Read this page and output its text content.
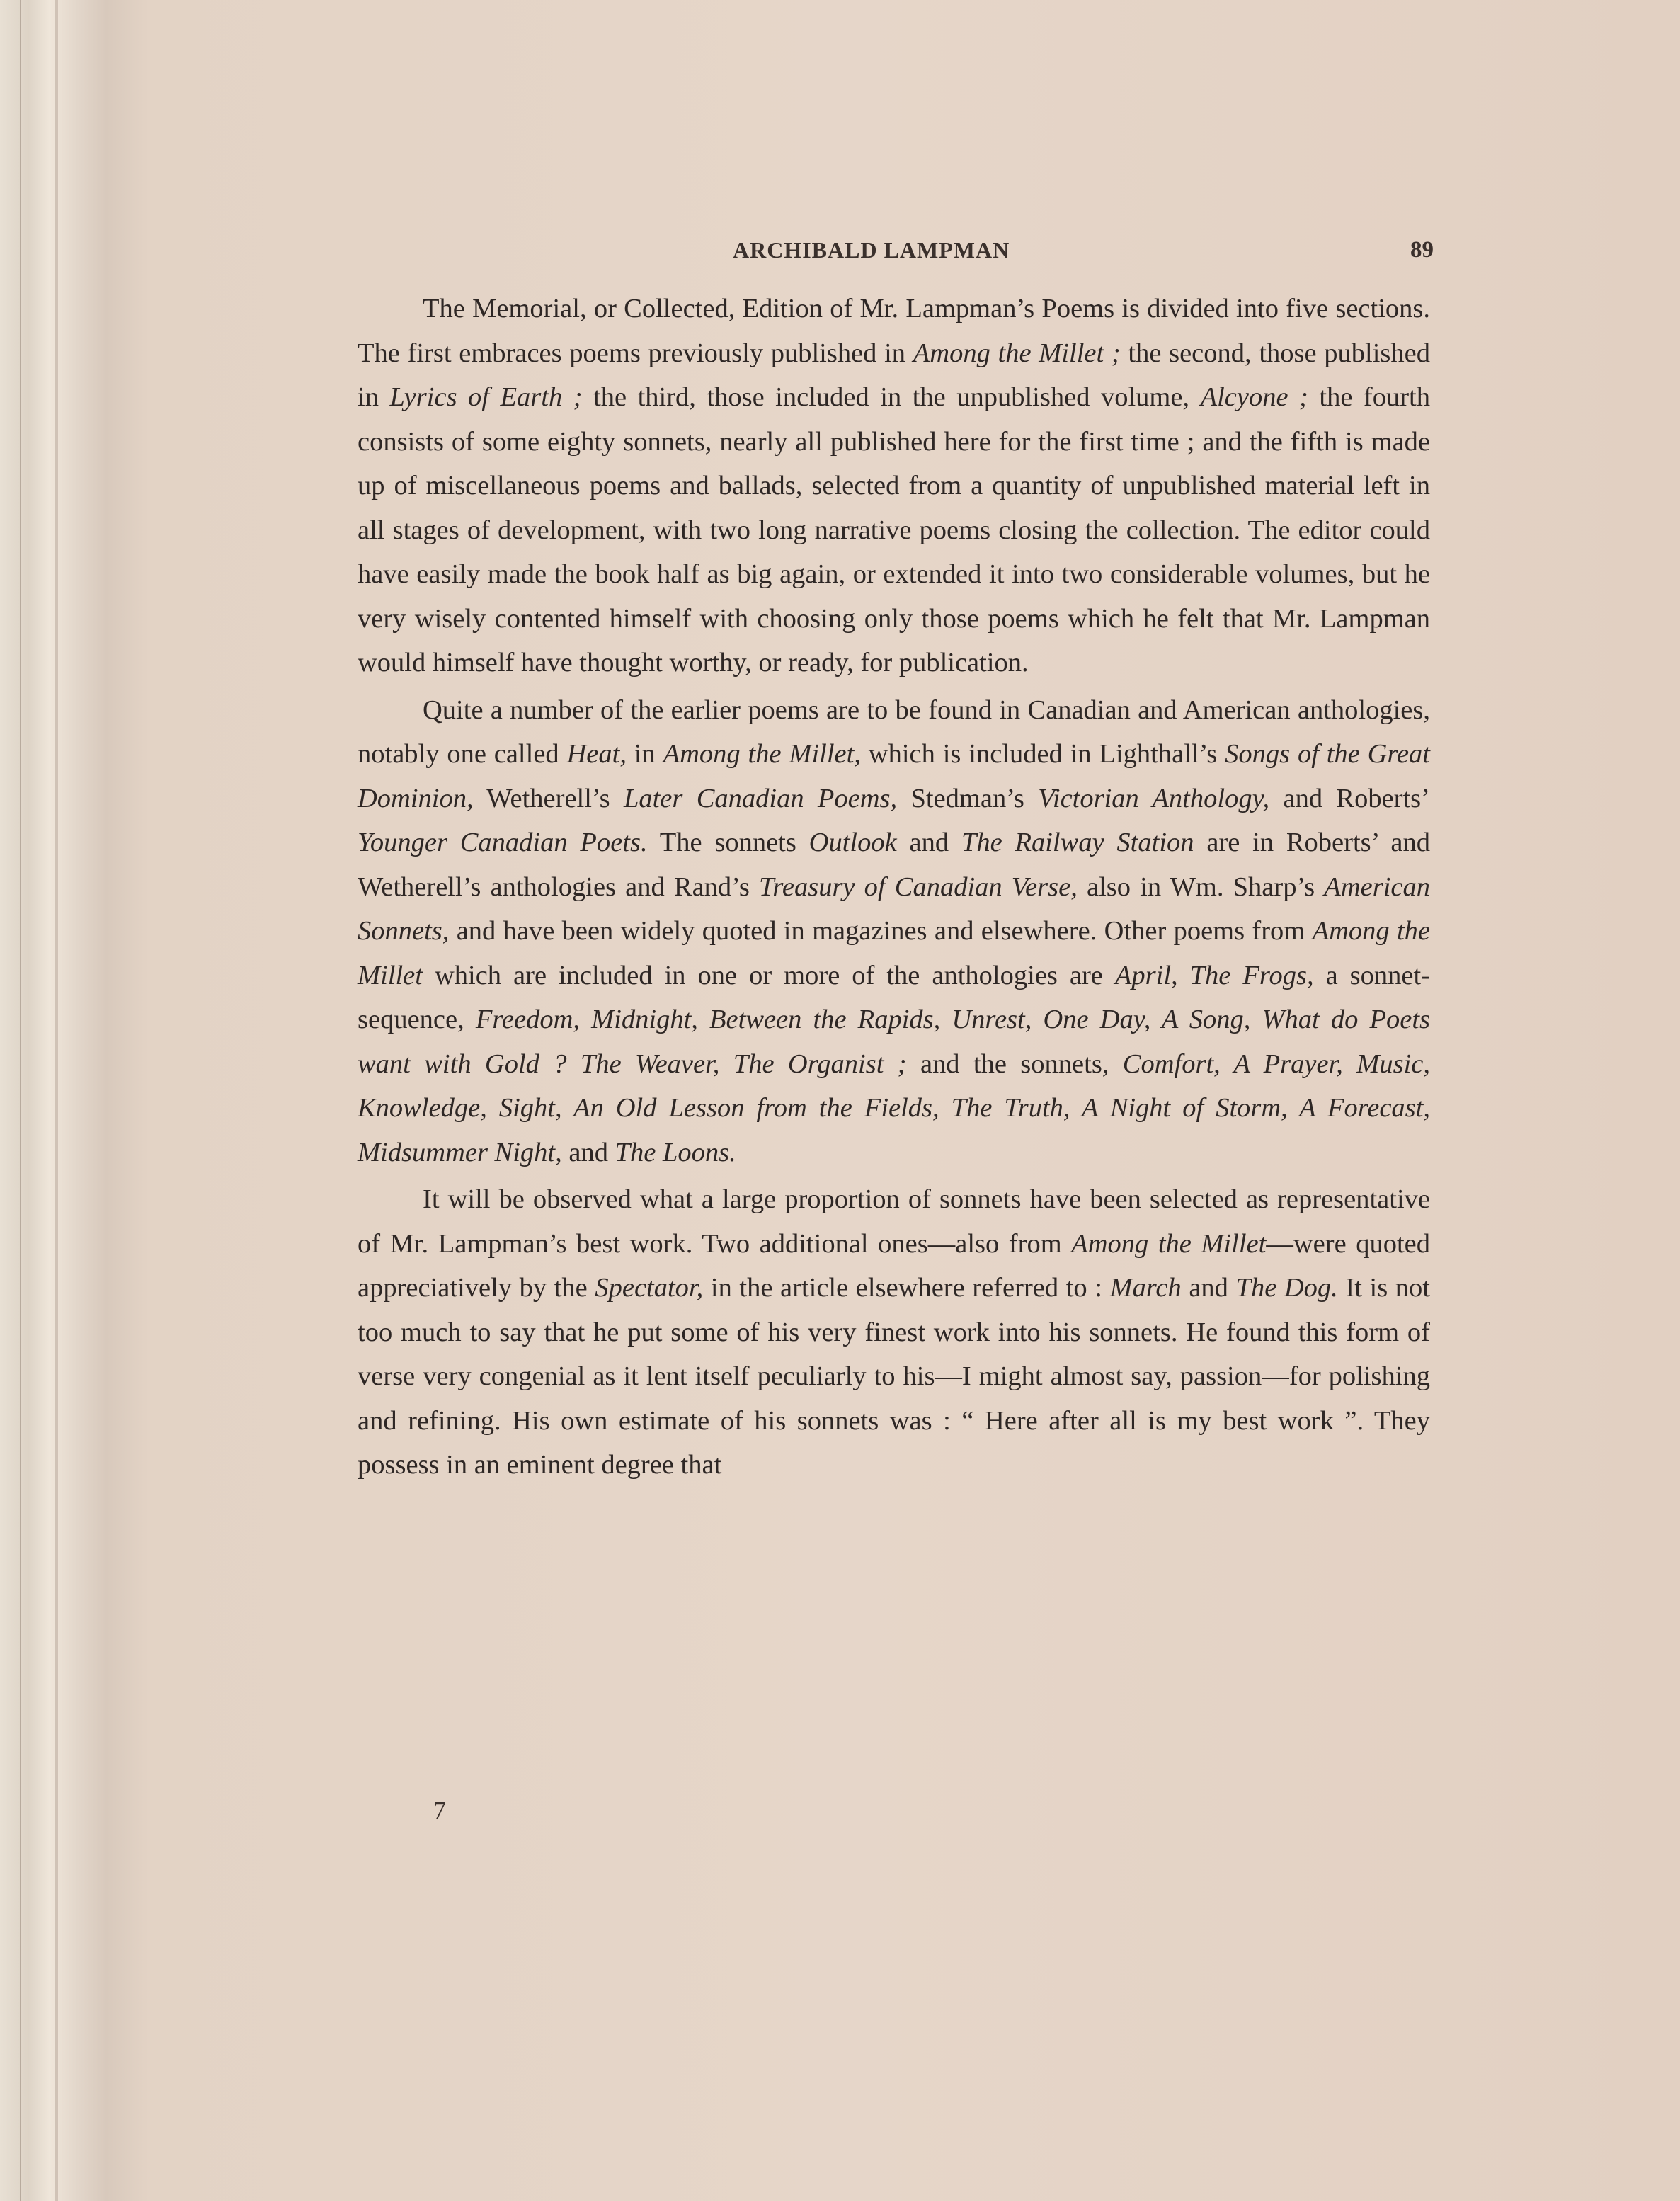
ARCHIBALD LAMPMAN	89

The Memorial, or Collected, Edition of Mr. Lampman’s Poems is divided into five sections. The first embraces poems previously published in Among the Millet ; the second, those published in Lyrics of Earth ; the third, those included in the unpublished volume, Alcyone ; the fourth consists of some eighty sonnets, nearly all published here for the first time ; and the fifth is made up of miscellaneous poems and ballads, selected from a quantity of unpublished material left in all stages of development, with two long narrative poems closing the collection. The editor could have easily made the book half as big again, or extended it into two considerable volumes, but he very wisely contented himself with choosing only those poems which he felt that Mr. Lampman would himself have thought worthy, or ready, for publication.

Quite a number of the earlier poems are to be found in Canadian and American anthologies, notably one called Heat, in Among the Millet, which is included in Lighthall’s Songs of the Great Dominion, Wetherell’s Later Canadian Poems, Stedman’s Victorian Anthology, and Roberts’ Younger Canadian Poets. The sonnets Outlook and The Railway Station are in Roberts’ and Wetherell’s anthologies and Rand’s Treasury of Canadian Verse, also in Wm. Sharp’s American Sonnets, and have been widely quoted in magazines and elsewhere. Other poems from Among the Millet which are included in one or more of the anthologies are April, The Frogs, a sonnet-sequence, Freedom, Midnight, Between the Rapids, Unrest, One Day, A Song, What do Poets want with Gold ? The Weaver, The Organist ; and the sonnets, Comfort, A Prayer, Music, Knowledge, Sight, An Old Lesson from the Fields, The Truth, A Night of Storm, A Forecast, Midsummer Night, and The Loons.

It will be observed what a large proportion of sonnets have been selected as representative of Mr. Lampman’s best work. Two additional ones—also from Among the Millet—were quoted appreciatively by the Spectator, in the article elsewhere referred to : March and The Dog. It is not too much to say that he put some of his very finest work into his sonnets. He found this form of verse very congenial as it lent itself peculiarly to his—I might almost say, passion—for polishing and refining. His own estimate of his sonnets was : “ Here after all is my best work ”. They possess in an eminent degree that

7
